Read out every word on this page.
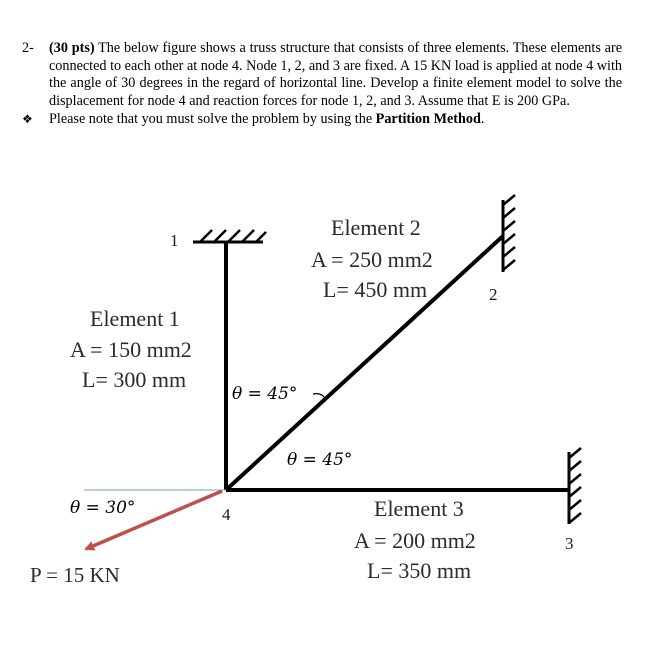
2-	(30 pts) The below figure shows a truss structure that consists of three elements. These elements are connected to each other at node 4. Node 1, 2, and 3 are fixed. A 15 KN load is applied at node 4 with the angle of 30 degrees in the regard of horizontal line. Develop a finite element model to solve the displacement for node 4 and reaction forces for node 1, 2, and 3. Assume that E is 200 GPa.
❖	Please note that you must solve the problem by using the Partition Method.
1
2
3
4
Element 1
A = 150 mm2
L= 300 mm
Element 2
A = 250 mm2
L= 450 mm
Element 3
A = 200 mm2
L= 350 mm
θ = 45°
θ = 45°
θ = 30°
P = 15 KN
